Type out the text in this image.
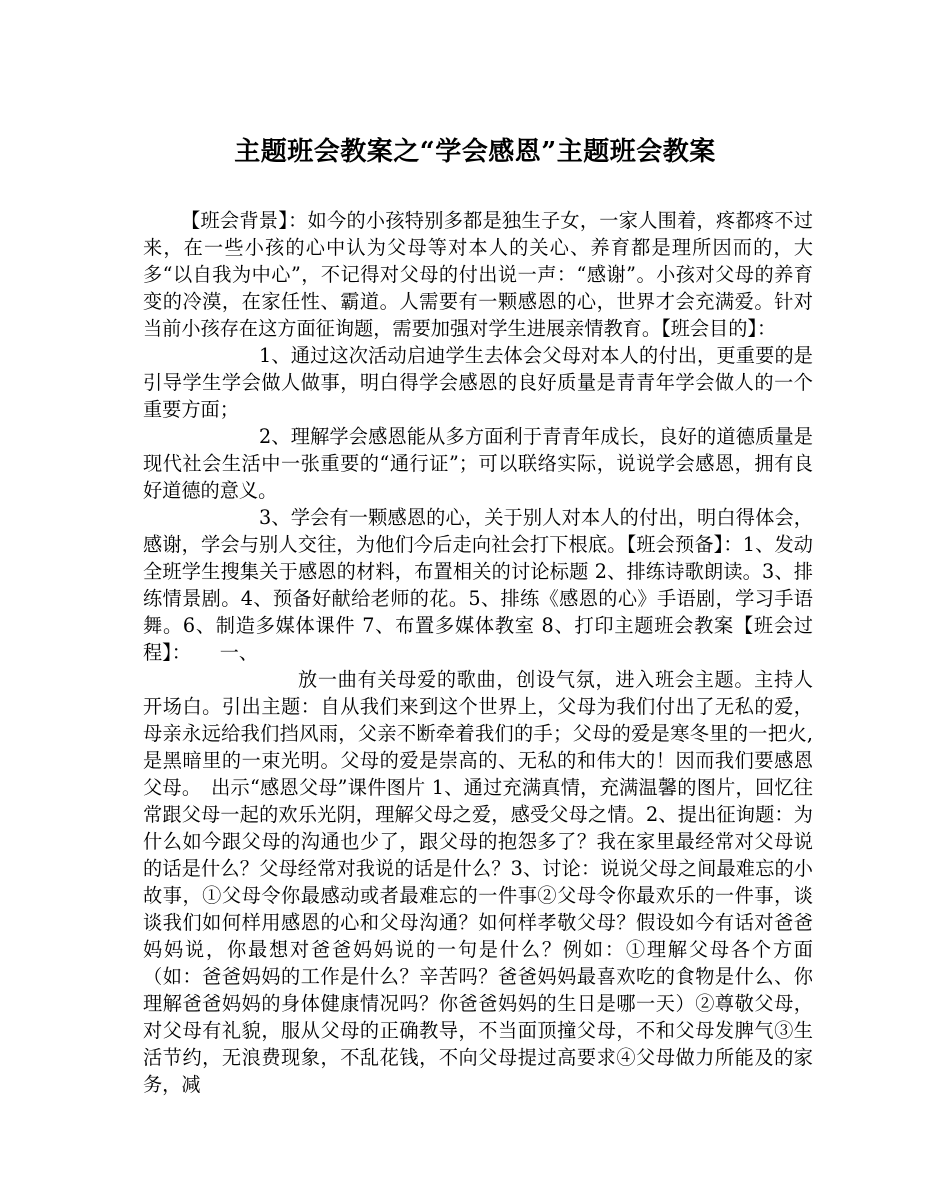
主题班会教案之“学会感恩”主题班会教案

【班会背景】：如今的小孩特别多都是独生子女，一家人围着，疼都疼不过来，在一些小孩的心中认为父母等对本人的关心、养育都是理所因而的，大多“以自我为中心”，不记得对父母的付出说一声：“感谢”。小孩对父母的养育变的冷漠，在家任性、霸道。人需要有一颗感恩的心，世界才会充满爱。针对当前小孩存在这方面征询题，需要加强对学生进展亲情教育。【班会目的】：

1、通过这次活动启迪学生去体会父母对本人的付出，更重要的是引导学生学会做人做事，明白得学会感恩的良好质量是青青年学会做人的一个重要方面；

2、理解学会感恩能从多方面利于青青年成长，良好的道德质量是现代社会生活中一张重要的“通行证”；可以联络实际，说说学会感恩，拥有良好道德的意义。

3、学会有一颗感恩的心，关于别人对本人的付出，明白得体会，感谢，学会与别人交往，为他们今后走向社会打下根底。【班会预备】：1、发动全班学生搜集关于感恩的材料，布置相关的讨论标题 2、排练诗歌朗读。3、排练情景剧。4、预备好献给老师的花。5、排练《感恩的心》手语剧，学习手语舞。6、制造多媒体课件 7、布置多媒体教室 8、打印主题班会教案【班会过程】：　　一、

放一曲有关母爱的歌曲，创设气氛，进入班会主题。主持人开场白。引出主题：自从我们来到这个世界上，父母为我们付出了无私的爱，母亲永远给我们挡风雨，父亲不断牵着我们的手；父母的爱是寒冬里的一把火,是黑暗里的一束光明。父母的爱是崇高的、无私的和伟大的！因而我们要感恩父母。　出示“感恩父母”课件图片 1、通过充满真情，充满温馨的图片，回忆往常跟父母一起的欢乐光阴，理解父母之爱，感受父母之情。2、提出征询题：为什么如今跟父母的沟通也少了，跟父母的抱怨多了？我在家里最经常对父母说的话是什么？父母经常对我说的话是什么？3、讨论：说说父母之间最难忘的小故事，①父母令你最感动或者最难忘的一件事②父母令你最欢乐的一件事，谈谈我们如何样用感恩的心和父母沟通？如何样孝敬父母？假设如今有话对爸爸妈妈说，你最想对爸爸妈妈说的一句是什么？例如：①理解父母各个方面（如：爸爸妈妈的工作是什么？辛苦吗？爸爸妈妈最喜欢吃的食物是什么、你理解爸爸妈妈的身体健康情况吗？你爸爸妈妈的生日是哪一天）②尊敬父母，对父母有礼貌，服从父母的正确教导，不当面顶撞父母，不和父母发脾气③生活节约，无浪费现象，不乱花钱，不向父母提过高要求④父母做力所能及的家务，减
